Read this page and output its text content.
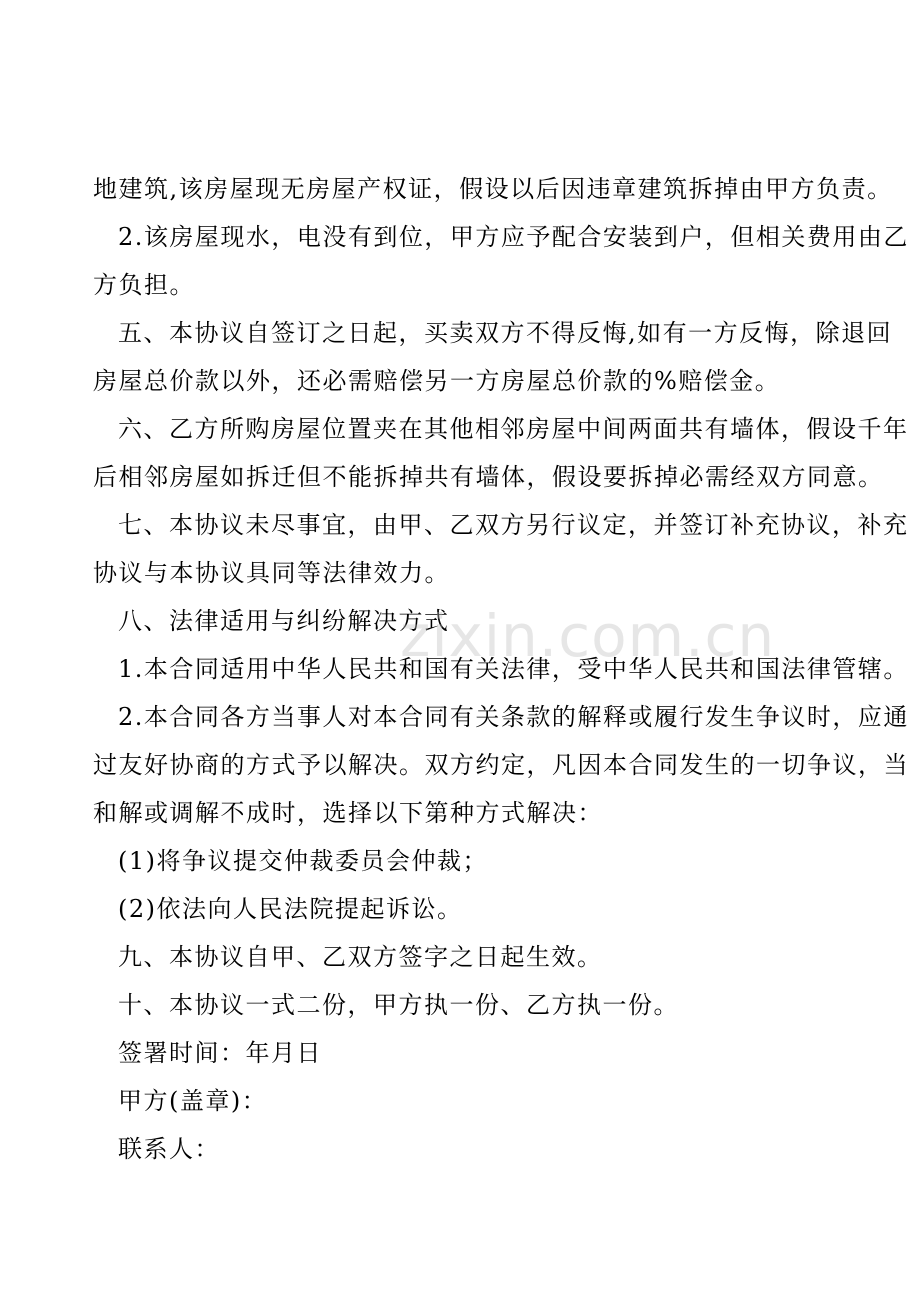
地建筑,该房屋现无房屋产权证，假设以后因违章建筑拆掉由甲方负责。
2.该房屋现水，电没有到位，甲方应予配合安装到户，但相关费用由乙
方负担。
五、本协议自签订之日起，买卖双方不得反悔,如有一方反悔，除退回
房屋总价款以外，还必需赔偿另一方房屋总价款的%赔偿金。
六、乙方所购房屋位置夹在其他相邻房屋中间两面共有墙体，假设千年
后相邻房屋如拆迁但不能拆掉共有墙体，假设要拆掉必需经双方同意。
七、本协议未尽事宜，由甲、乙双方另行议定，并签订补充协议，补充
协议与本协议具同等法律效力。
八、法律适用与纠纷解决方式
1.本合同适用中华人民共和国有关法律，受中华人民共和国法律管辖。
2.本合同各方当事人对本合同有关条款的解释或履行发生争议时，应通
过友好协商的方式予以解决。双方约定，凡因本合同发生的一切争议，当
和解或调解不成时，选择以下第种方式解决：
(1)将争议提交仲裁委员会仲裁；
(2)依法向人民法院提起诉讼。
九、本协议自甲、乙双方签字之日起生效。
十、本协议一式二份，甲方执一份、乙方执一份。
签署时间：年月日
甲方(盖章)：
联系人：
zixin.com.cn
